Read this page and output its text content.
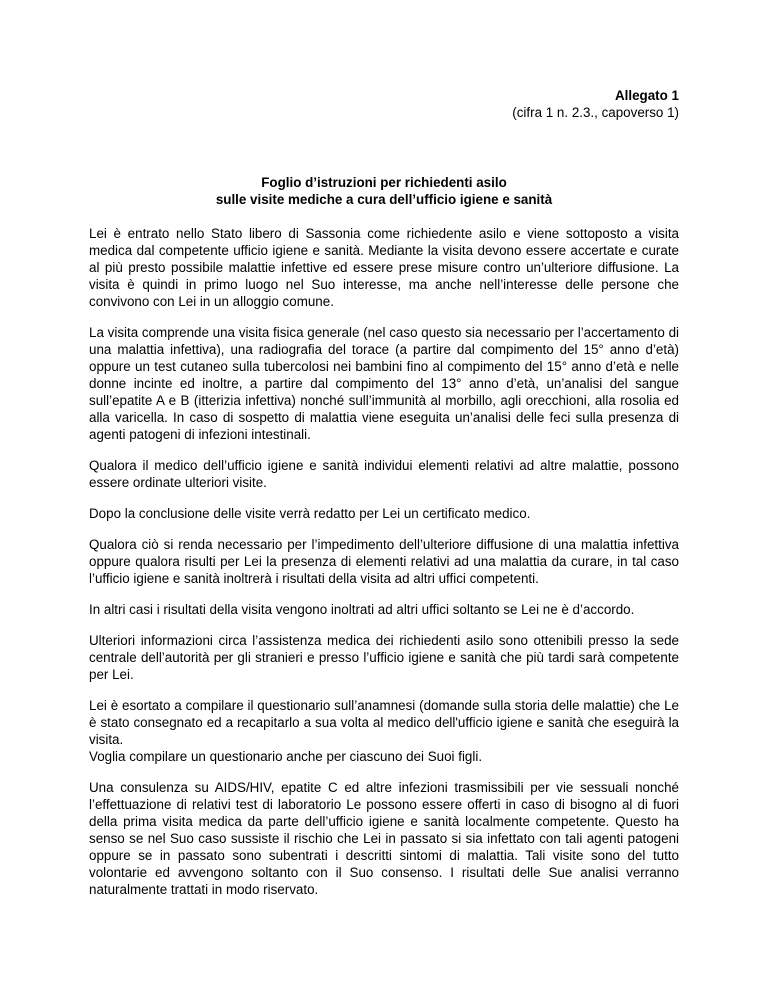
Allegato 1
(cifra 1 n. 2.3., capoverso 1)
Foglio d’istruzioni per richiedenti asilo
sulle visite mediche a cura dell’ufficio igiene e sanità

Lei è entrato nello Stato libero di Sassonia come richiedente asilo e viene sottoposto a visita medica dal competente ufficio igiene e sanità. Mediante la visita devono essere accertate e curate al più presto possibile malattie infettive ed essere prese misure contro un’ulteriore diffusione. La visita è quindi in primo luogo nel Suo interesse, ma anche nell’interesse delle persone che convivono con Lei in un alloggio comune.

La visita comprende una visita fisica generale (nel caso questo sia necessario per l’accertamento di una malattia infettiva), una radiografia del torace (a partire dal compimento del 15° anno d’età) oppure un test cutaneo sulla tubercolosi nei bambini fino al compimento del 15° anno d’età e nelle donne incinte ed inoltre, a partire dal compimento del 13° anno d’età, un’analisi del sangue sull’epatite A e B (itterizia infettiva) nonché sull’immunità al morbillo, agli orecchioni, alla rosolia ed alla varicella. In caso di sospetto di malattia viene eseguita un’analisi delle feci sulla presenza di agenti patogeni di infezioni intestinali.

Qualora il medico dell’ufficio igiene e sanità individui elementi relativi ad altre malattie, possono essere ordinate ulteriori visite.

Dopo la conclusione delle visite verrà redatto per Lei un certificato medico.

Qualora ciò si renda necessario per l’impedimento dell’ulteriore diffusione di una malattia infettiva oppure qualora risulti per Lei la presenza di elementi relativi ad una malattia da curare, in tal caso l’ufficio igiene e sanità inoltrerà i risultati della visita ad altri uffici competenti.

In altri casi i risultati della visita vengono inoltrati ad altri uffici soltanto se Lei ne è d’accordo.

Ulteriori informazioni circa l’assistenza medica dei richiedenti asilo sono ottenibili presso la sede centrale dell’autorità per gli stranieri e presso l’ufficio igiene e sanità che più tardi sarà competente per Lei.

Lei è esortato a compilare il questionario sull’anamnesi (domande sulla storia delle malattie) che Le è stato consegnato ed a recapitarlo a sua volta al medico dell'ufficio igiene e sanità che eseguirà la visita.

Voglia compilare un questionario anche per ciascuno dei Suoi figli.

Una consulenza su AIDS/HIV, epatite C ed altre infezioni trasmissibili per vie sessuali nonché l’effettuazione di relativi test di laboratorio Le possono essere offerti in caso di bisogno al di fuori della prima visita medica da parte dell’ufficio igiene e sanità localmente competente. Questo ha senso se nel Suo caso sussiste il rischio che Lei in passato si sia infettato con tali agenti patogeni oppure se in passato sono subentrati i descritti sintomi di malattia. Tali visite sono del tutto volontarie ed avvengono soltanto con il Suo consenso. I risultati delle Sue analisi verranno naturalmente trattati in modo riservato.
